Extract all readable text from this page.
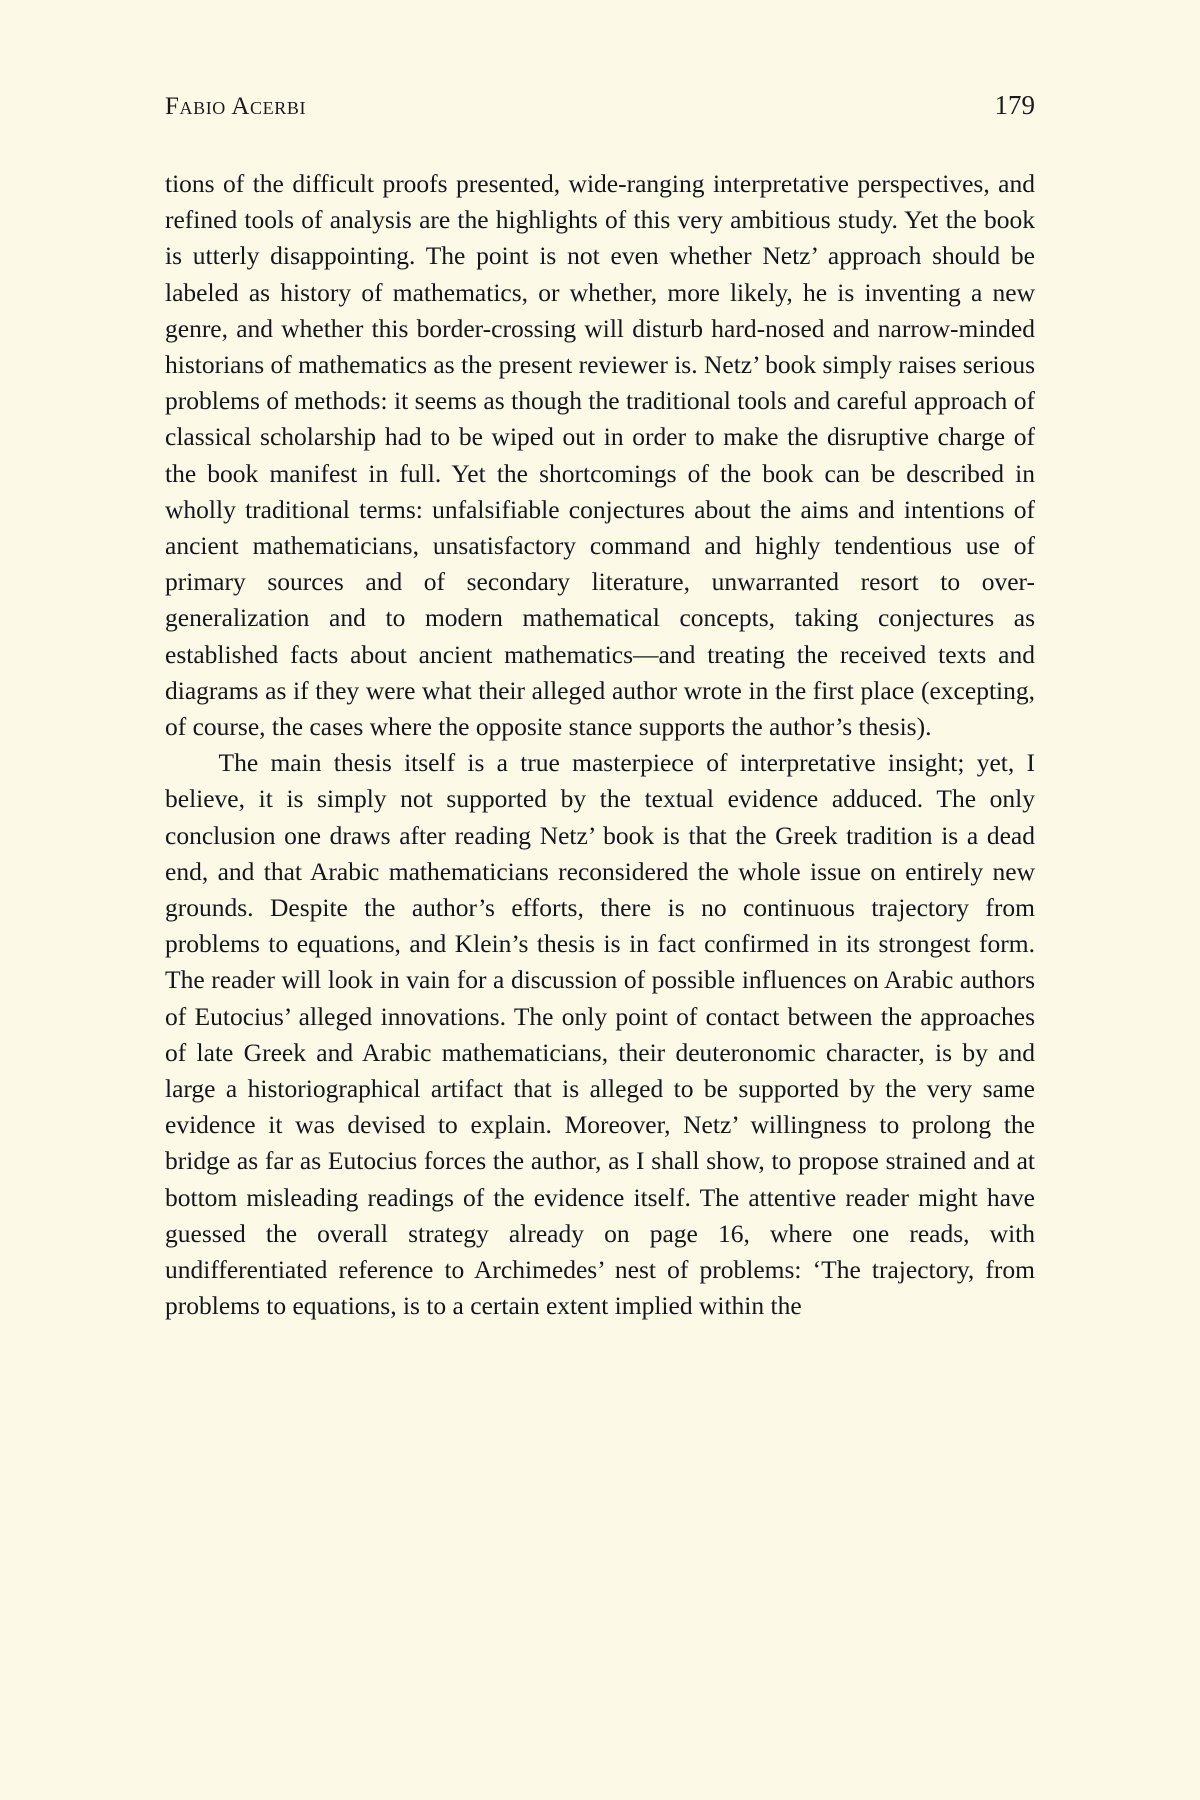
Fabio Acerbi	179

tions of the difficult proofs presented, wide-ranging interpretative perspectives, and refined tools of analysis are the highlights of this very ambitious study. Yet the book is utterly disappointing. The point is not even whether Netz’ approach should be labeled as history of mathematics, or whether, more likely, he is inventing a new genre, and whether this border-crossing will disturb hard-nosed and narrow-minded historians of mathematics as the present reviewer is. Netz’ book simply raises serious problems of methods: it seems as though the traditional tools and careful approach of classical scholarship had to be wiped out in order to make the disruptive charge of the book manifest in full. Yet the shortcomings of the book can be described in wholly traditional terms: unfalsifiable conjectures about the aims and intentions of ancient mathematicians, unsatisfactory command and highly tendentious use of primary sources and of secondary literature, unwarranted resort to over-generalization and to modern mathematical concepts, taking conjectures as established facts about ancient mathematics—and treating the received texts and diagrams as if they were what their alleged author wrote in the first place (excepting, of course, the cases where the opposite stance supports the author’s thesis).

The main thesis itself is a true masterpiece of interpretative insight; yet, I believe, it is simply not supported by the textual evidence adduced. The only conclusion one draws after reading Netz’ book is that the Greek tradition is a dead end, and that Arabic mathematicians reconsidered the whole issue on entirely new grounds. Despite the author’s efforts, there is no continuous trajectory from problems to equations, and Klein’s thesis is in fact confirmed in its strongest form. The reader will look in vain for a discussion of possible influences on Arabic authors of Eutocius’ alleged innovations. The only point of contact between the approaches of late Greek and Arabic mathematicians, their deuteronomic character, is by and large a historiographical artifact that is alleged to be supported by the very same evidence it was devised to explain. Moreover, Netz’ willingness to prolong the bridge as far as Eutocius forces the author, as I shall show, to propose strained and at bottom misleading readings of the evidence itself. The attentive reader might have guessed the overall strategy already on page 16, where one reads, with undifferentiated reference to Archimedes’ nest of problems: ‘The trajectory, from problems to equations, is to a certain extent implied within the
